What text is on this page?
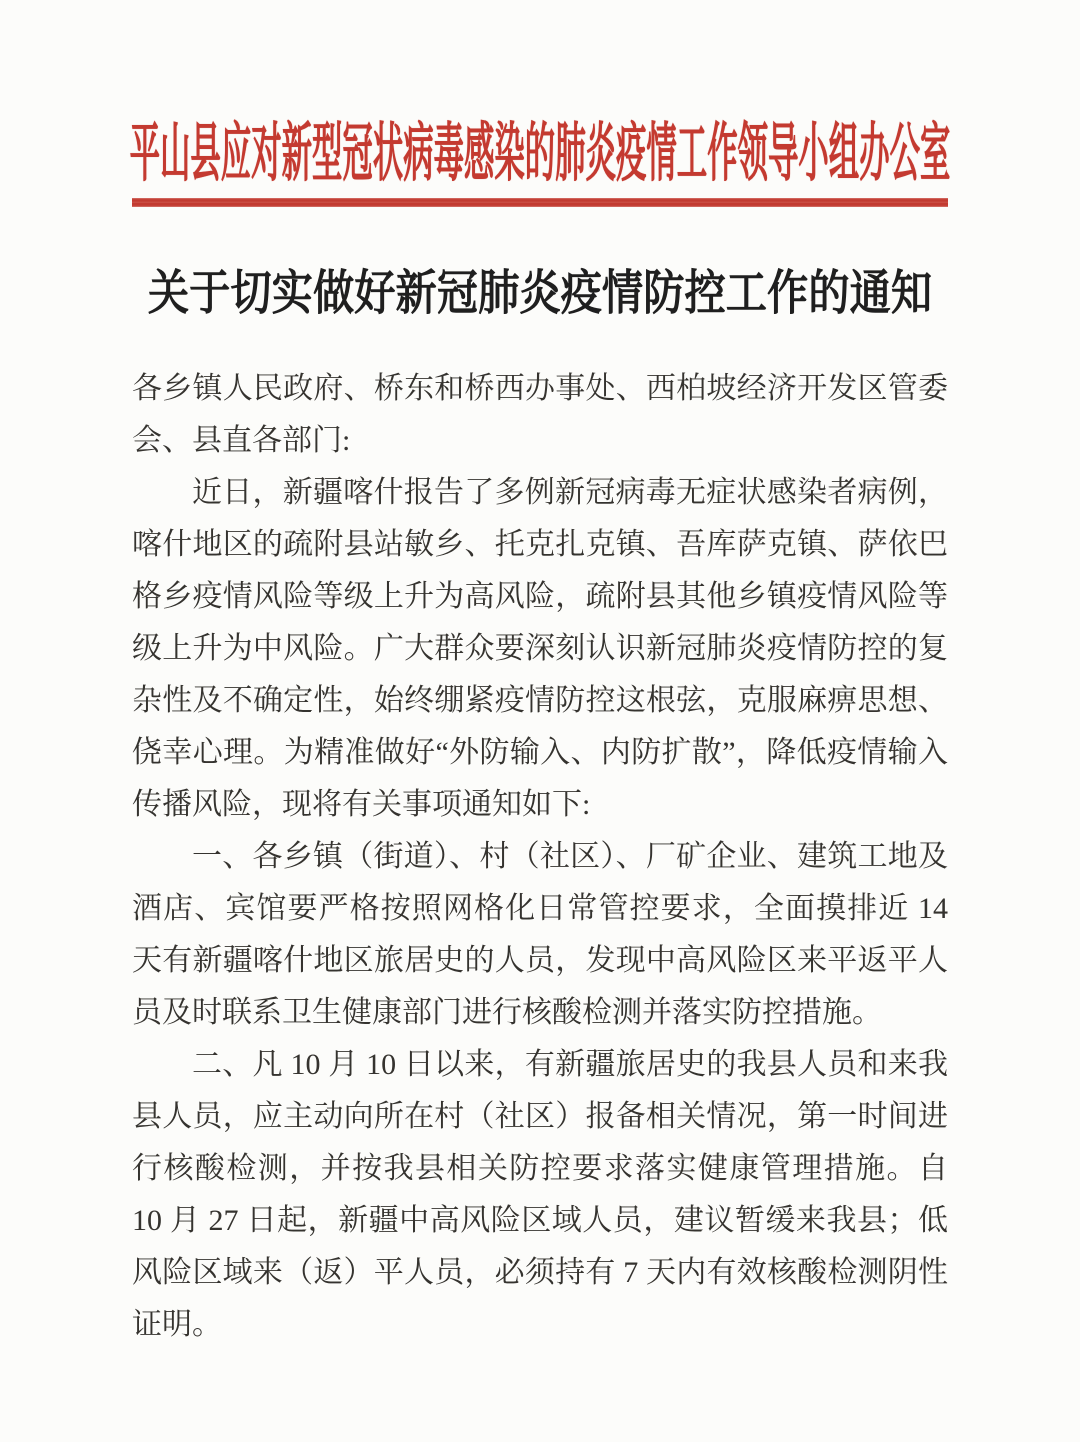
平山县应对新型冠状病毒感染的肺炎疫情工作领导小组办公室
关于切实做好新冠肺炎疫情防控工作的通知

各乡镇人民政府、桥东和桥西办事处、西柏坡经济开发区管委会、县直各部门:

近日，新疆喀什报告了多例新冠病毒无症状感染者病例，喀什地区的疏附县站敏乡、托克扎克镇、吾库萨克镇、萨依巴格乡疫情风险等级上升为高风险，疏附县其他乡镇疫情风险等级上升为中风险。广大群众要深刻认识新冠肺炎疫情防控的复杂性及不确定性，始终绷紧疫情防控这根弦，克服麻痹思想、侥幸心理。为精准做好“外防输入、内防扩散”，降低疫情输入传播风险，现将有关事项通知如下:

一、各乡镇（街道）、村（社区）、厂矿企业、建筑工地及酒店、宾馆要严格按照网格化日常管控要求，全面摸排近 14 天有新疆喀什地区旅居史的人员，发现中高风险区来平返平人员及时联系卫生健康部门进行核酸检测并落实防控措施。

二、凡 10 月 10 日以来，有新疆旅居史的我县人员和来我县人员，应主动向所在村（社区）报备相关情况，第一时间进行核酸检测，并按我县相关防控要求落实健康管理措施。自 10 月 27 日起，新疆中高风险区域人员，建议暂缓来我县；低风险区域来（返）平人员，必须持有 7 天内有效核酸检测阴性证明。
